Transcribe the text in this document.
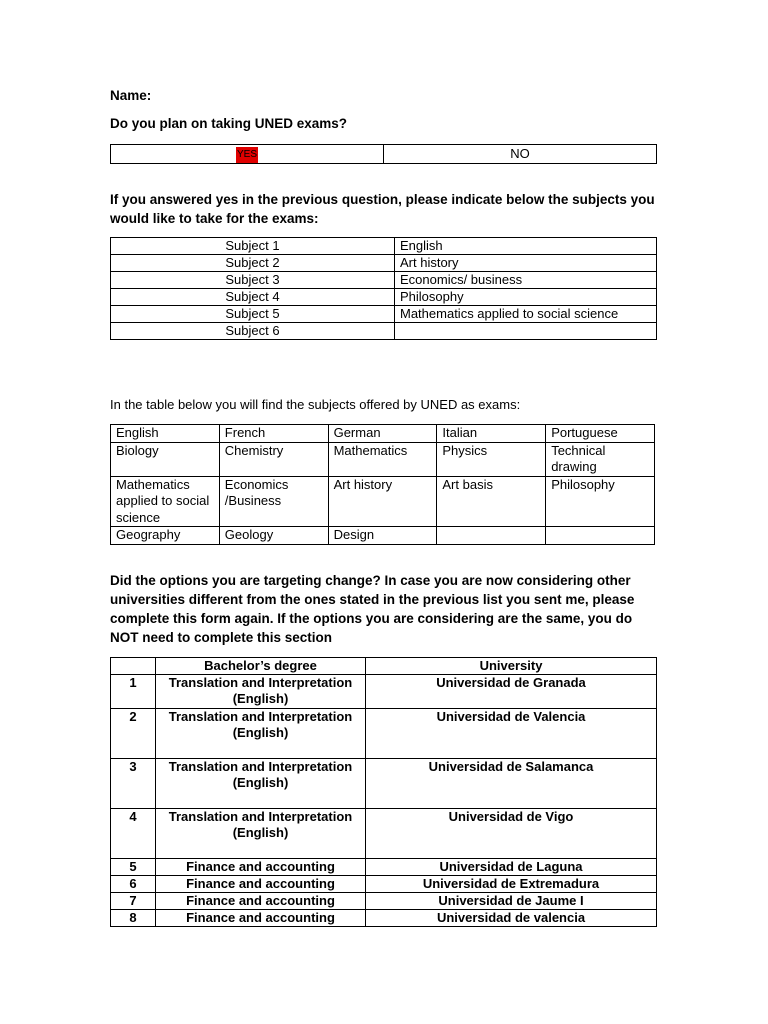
Name:
Do you plan on taking UNED exams?
YES	NO
If you answered yes in the previous question, please indicate below the subjects you would like to take for the exams:
Subject 1	English
Subject 2	Art history
Subject 3	Economics/ business
Subject 4	Philosophy
Subject 5	Mathematics applied to social science
Subject 6	
In the table below you will find the subjects offered by UNED as exams:
English	French	German	Italian	Portuguese
Biology	Chemistry	Mathematics	Physics	Technical drawing
Mathematics applied to social science	Economics /Business	Art history	Art basis	Philosophy
Geography	Geology	Design		
Did the options you are targeting change? In case you are now considering other universities different from the ones stated in the previous list you sent me, please complete this form again. If the options you are considering are the same, you do NOT need to complete this section
	Bachelor’s degree	University
1	Translation and Interpretation (English)	Universidad de Granada
2	Translation and Interpretation (English)	Universidad de Valencia
3	Translation and Interpretation (English)	Universidad de Salamanca
4	Translation and Interpretation (English)	Universidad de Vigo
5	Finance and accounting	Universidad de Laguna
6	Finance and accounting	Universidad de Extremadura
7	Finance and accounting	Universidad de Jaume I
8	Finance and accounting	Universidad de valencia
